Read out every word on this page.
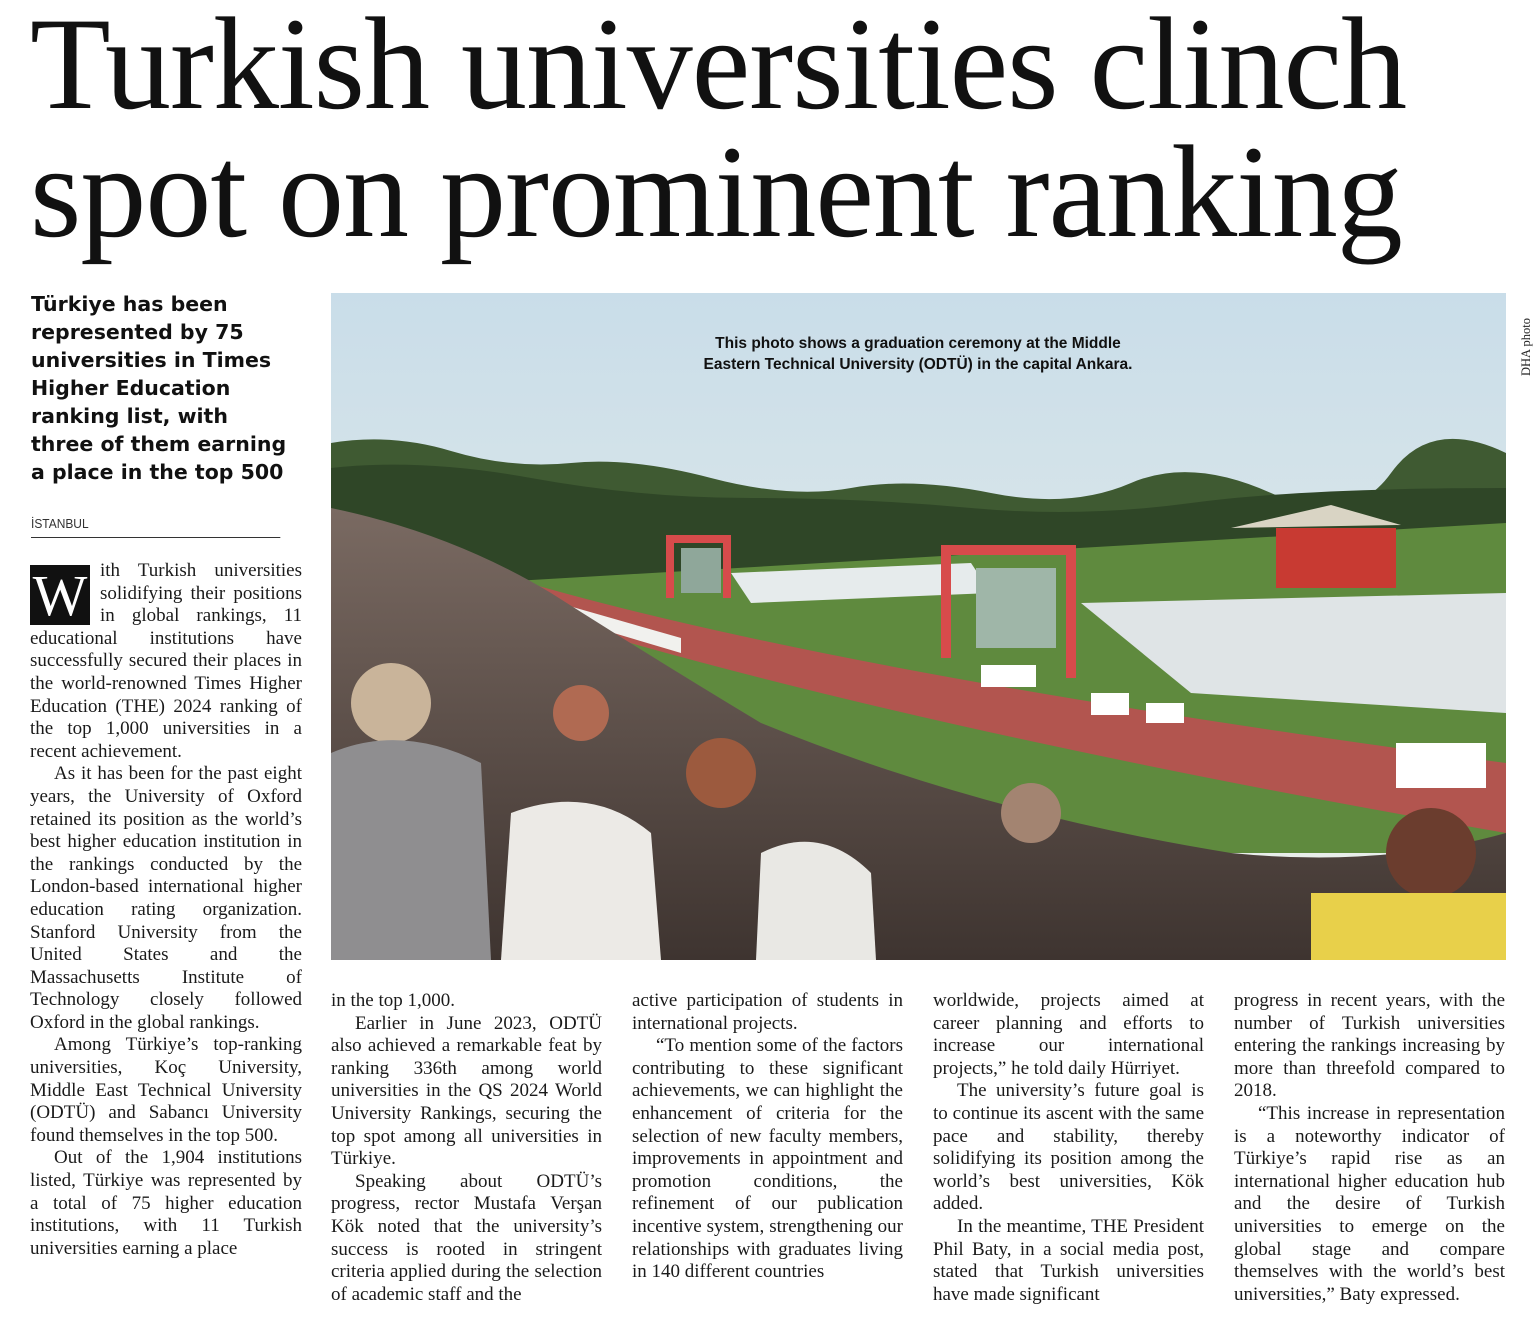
Turkish universities clinch
spot on prominent ranking
Türkiye has been
represented by 75
universities in Times
Higher Education
ranking list, with
three of them earning
a place in the top 500
İSTANBUL
This photo shows a graduation ceremony at the Middle Eastern Technical University (ODTÜ) in the capital Ankara.	DHA photo
W ith Turkish universities solidifying their positions in global rankings, 11 educational institutions have successfully secured their places in the world-renowned Times Higher Education (THE) 2024 ranking of the top 1,000 universities in a recent achievement.

As it has been for the past eight years, the University of Oxford retained its position as the world’s best higher education institution in the rankings conducted by the London-based international higher education rating organization. Stanford University from the United States and the Massachusetts Institute of Technology closely followed Oxford in the global rankings.

Among Türkiye’s top-ranking universities, Koç University, Middle East Technical University (ODTÜ) and Sabancı University found themselves in the top 500.

Out of the 1,904 institutions listed, Türkiye was represented by a total of 75 higher education institutions, with 11 Turkish universities earning a place

in the top 1,000.

Earlier in June 2023, ODTÜ also achieved a remarkable feat by ranking 336th among world universities in the QS 2024 World University Rankings, securing the top spot among all universities in Türkiye.

Speaking about ODTÜ’s progress, rector Mustafa Verşan Kök noted that the university’s success is rooted in stringent criteria applied during the selection of academic staff and the

active participation of students in international projects.

“To mention some of the factors contributing to these significant achievements, we can highlight the enhancement of criteria for the selection of new faculty members, improvements in appointment and promotion conditions, the refinement of our publication incentive system, strengthening our relationships with graduates living in 140 different countries

worldwide, projects aimed at career planning and efforts to increase our international projects,” he told daily Hürriyet.

The university’s future goal is to continue its ascent with the same pace and stability, thereby solidifying its position among the world’s best universities, Kök added.

In the meantime, THE President Phil Baty, in a social media post, stated that Turkish universities have made significant

progress in recent years, with the number of Turkish universities entering the rankings increasing by more than threefold compared to 2018.

“This increase in representation is a noteworthy indicator of Türkiye’s rapid rise as an international higher education hub and the desire of Turkish universities to emerge on the global stage and compare themselves with the world’s best universities,” Baty expressed.
